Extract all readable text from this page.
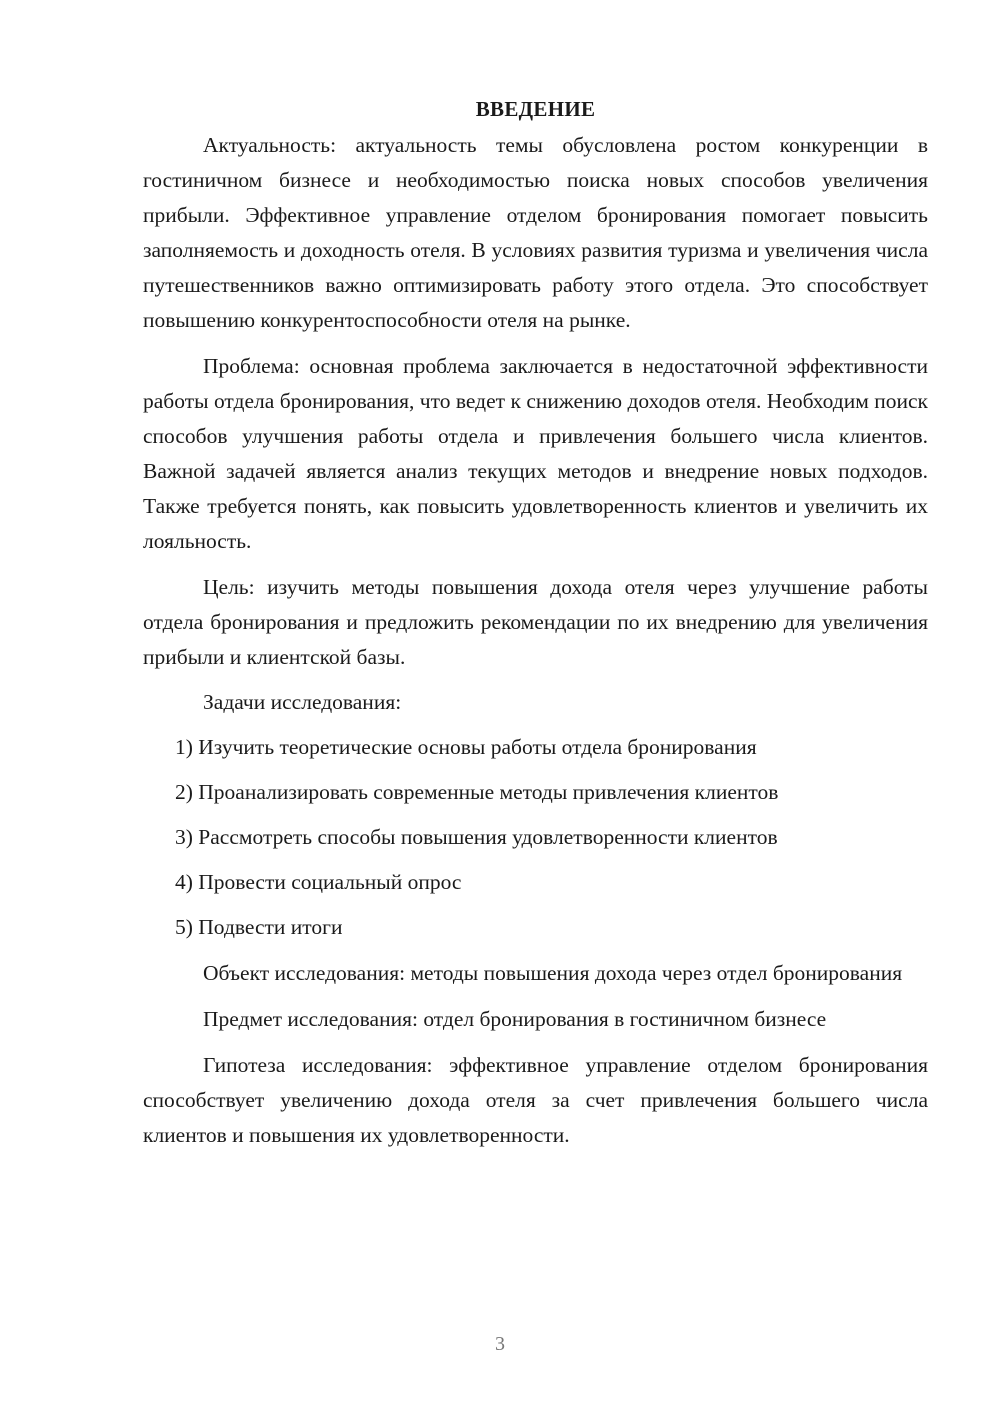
ВВЕДЕНИЕ

Актуальность: актуальность темы обусловлена ростом конкуренции в гостиничном бизнесе и необходимостью поиска новых способов увеличения прибыли. Эффективное управление отделом бронирования помогает повысить заполняемость и доходность отеля. В условиях развития туризма и увеличения числа путешественников важно оптимизировать работу этого отдела. Это способствует повышению конкурентоспособности отеля на рынке.

Проблема: основная проблема заключается в недостаточной эффективности работы отдела бронирования, что ведет к снижению доходов отеля. Необходим поиск способов улучшения работы отдела и привлечения большего числа клиентов. Важной задачей является анализ текущих методов и внедрение новых подходов. Также требуется понять, как повысить удовлетворенность клиентов и увеличить их лояльность.

Цель: изучить методы повышения дохода отеля через улучшение работы отдела бронирования и предложить рекомендации по их внедрению для увеличения прибыли и клиентской базы.

Задачи исследования:

1) Изучить теоретические основы работы отдела бронирования
2) Проанализировать современные методы привлечения клиентов
3) Рассмотреть способы повышения удовлетворенности клиентов
4) Провести социальный опрос
5) Подвести итоги

Объект исследования: методы повышения дохода через отдел бронирования

Предмет исследования: отдел бронирования в гостиничном бизнесе

Гипотеза исследования: эффективное управление отделом бронирования способствует увеличению дохода отеля за счет привлечения большего числа клиентов и повышения их удовлетворенности.

3
